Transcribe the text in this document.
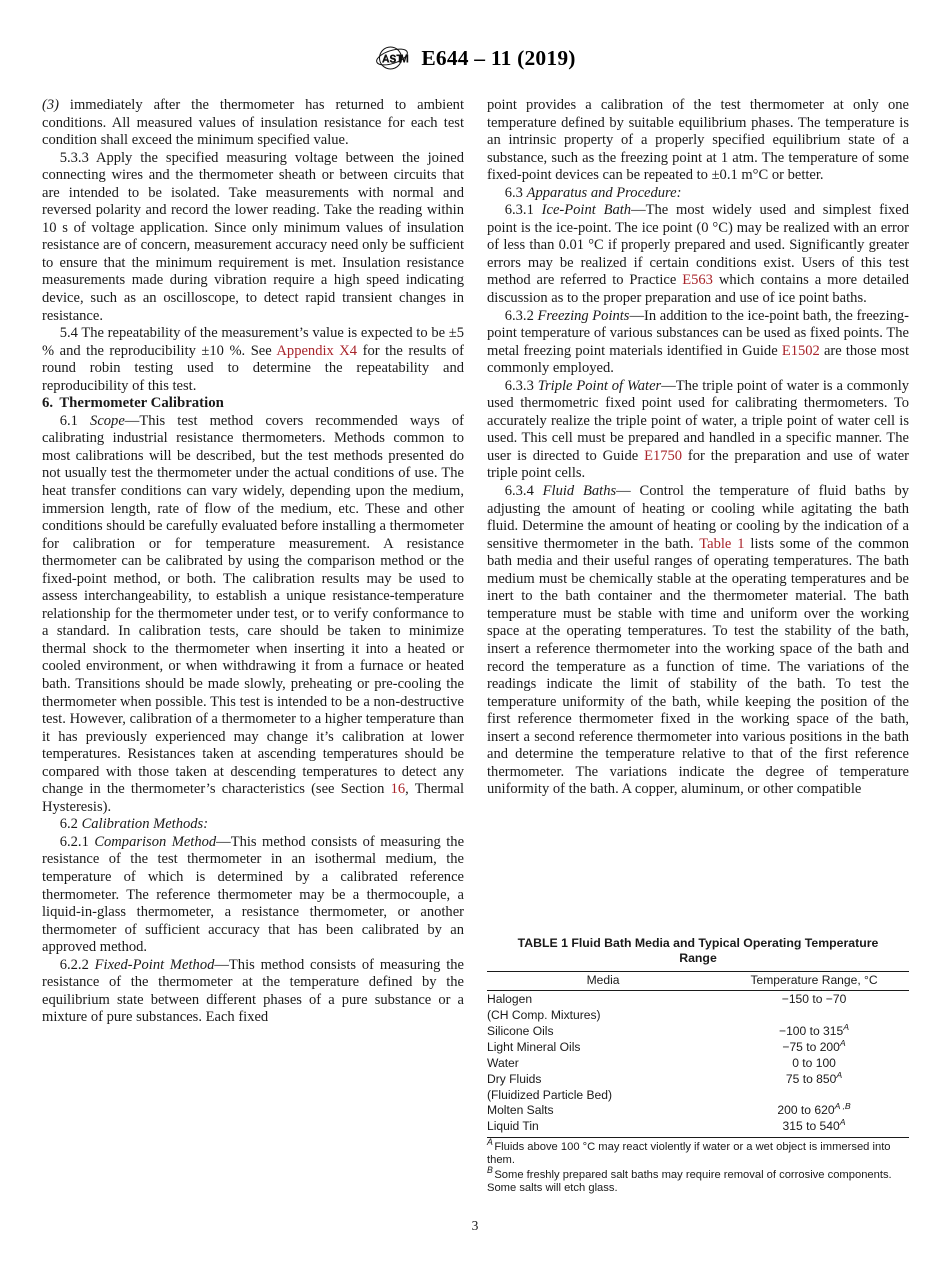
E644 – 11 (2019)

(3) immediately after the thermometer has returned to ambient conditions. All measured values of insulation resistance for each test condition shall exceed the minimum specified value.

5.3.3 Apply the specified measuring voltage between the joined connecting wires and the thermometer sheath or between circuits that are intended to be isolated. Take measurements with normal and reversed polarity and record the lower reading. Take the reading within 10 s of voltage application. Since only minimum values of insulation resistance are of concern, measurement accuracy need only be sufficient to ensure that the minimum requirement is met. Insulation resistance measurements made during vibration require a high speed indicating device, such as an oscilloscope, to detect rapid transient changes in resistance.

5.4 The repeatability of the measurement’s value is expected to be ±5 % and the reproducibility ±10 %. See Appendix X4 for the results of round robin testing used to determine the repeatability and reproducibility of this test.

6. Thermometer Calibration

6.1 Scope—This test method covers recommended ways of calibrating industrial resistance thermometers. Methods common to most calibrations will be described, but the test methods presented do not usually test the thermometer under the actual conditions of use. The heat transfer conditions can vary widely, depending upon the medium, immersion length, rate of flow of the medium, etc. These and other conditions should be carefully evaluated before installing a thermometer for calibration or for temperature measurement. A resistance thermometer can be calibrated by using the comparison method or the fixed-point method, or both. The calibration results may be used to assess interchangeability, to establish a unique resistance-temperature relationship for the thermometer under test, or to verify conformance to a standard. In calibration tests, care should be taken to minimize thermal shock to the thermometer when inserting it into a heated or cooled environment, or when withdrawing it from a furnace or heated bath. Transitions should be made slowly, preheating or pre-cooling the thermometer when possible. This test is intended to be a non-destructive test. However, calibration of a thermometer to a higher temperature than it has previously experienced may change it’s calibration at lower temperatures. Resistances taken at ascending temperatures should be compared with those taken at descending temperatures to detect any change in the thermometer’s characteristics (see Section 16, Thermal Hysteresis).

6.2 Calibration Methods:

6.2.1 Comparison Method—This method consists of measuring the resistance of the test thermometer in an isothermal medium, the temperature of which is determined by a calibrated reference thermometer. The reference thermometer may be a thermocouple, a liquid-in-glass thermometer, a resistance thermometer, or another thermometer of sufficient accuracy that has been calibrated by an approved method.

6.2.2 Fixed-Point Method—This method consists of measuring the resistance of the thermometer at the temperature defined by the equilibrium state between different phases of a pure substance or a mixture of pure substances. Each fixed

point provides a calibration of the test thermometer at only one temperature defined by suitable equilibrium phases. The temperature is an intrinsic property of a properly specified equilibrium state of a substance, such as the freezing point at 1 atm. The temperature of some fixed-point devices can be repeated to ±0.1 m°C or better.

6.3 Apparatus and Procedure:

6.3.1 Ice-Point Bath—The most widely used and simplest fixed point is the ice-point. The ice point (0 °C) may be realized with an error of less than 0.01 °C if properly prepared and used. Significantly greater errors may be realized if certain conditions exist. Users of this test method are referred to Practice E563 which contains a more detailed discussion as to the proper preparation and use of ice point baths.

6.3.2 Freezing Points—In addition to the ice-point bath, the freezing-point temperature of various substances can be used as fixed points. The metal freezing point materials identified in Guide E1502 are those most commonly employed.

6.3.3 Triple Point of Water—The triple point of water is a commonly used thermometric fixed point used for calibrating thermometers. To accurately realize the triple point of water, a triple point of water cell is used. This cell must be prepared and handled in a specific manner. The user is directed to Guide E1750 for the preparation and use of water triple point cells.

6.3.4 Fluid Baths— Control the temperature of fluid baths by adjusting the amount of heating or cooling while agitating the bath fluid. Determine the amount of heating or cooling by the indication of a sensitive thermometer in the bath. Table 1 lists some of the common bath media and their useful ranges of operating temperatures. The bath medium must be chemically stable at the operating temperatures and be inert to the bath container and the thermometer material. The bath temperature must be stable with time and uniform over the working space at the operating temperatures. To test the stability of the bath, insert a reference thermometer into the working space of the bath and record the temperature as a function of time. The variations of the readings indicate the limit of stability of the bath. To test the temperature uniformity of the bath, while keeping the position of the first reference thermometer fixed in the working space of the bath, insert a second reference thermometer into various positions in the bath and determine the temperature relative to that of the first reference thermometer. The variations indicate the degree of temperature uniformity of the bath. A copper, aluminum, or other compatible

TABLE 1 Fluid Bath Media and Typical Operating Temperature Range
Media	Temperature Range, °C
Halogen	−150 to −70
(CH Comp. Mixtures)	
Silicone Oils	−100 to 315$^A$
Light Mineral Oils	−75 to 200$^A$
Water	0 to 100
Dry Fluids	75 to 850$^A$
(Fluidized Particle Bed)	
Molten Salts	200 to 620$^{A ,B}$
Liquid Tin	315 to 540$^A$

$^A$ Fluids above 100 °C may react violently if water or a wet object is immersed into them.

$^B$ Some freshly prepared salt baths may require removal of corrosive components. Some salts will etch glass.

3
